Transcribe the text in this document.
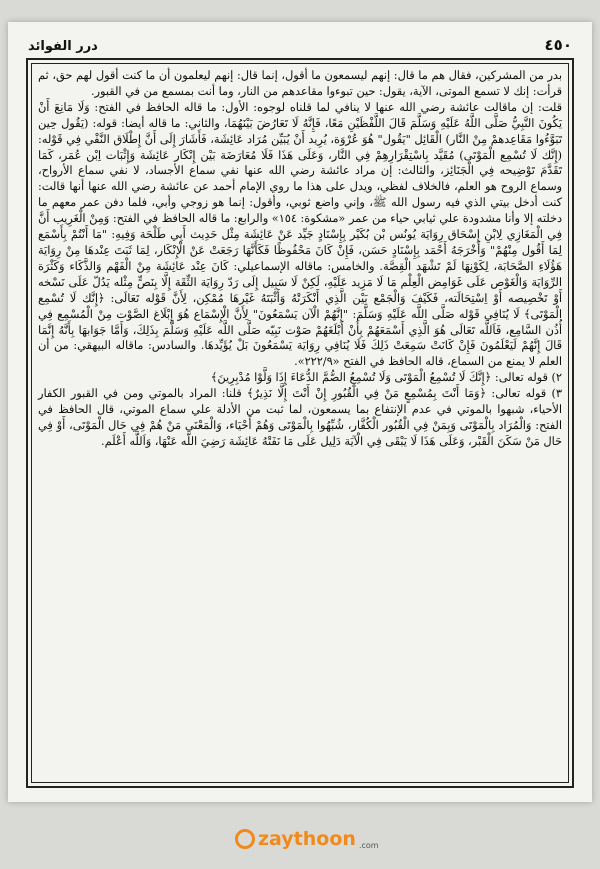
٤٥٠
درر الفوائد

بدر من المشركين، فقال هم ما قال: إنهم ليسمعون ما أقول، إنما قال: إنهم ليعلمون أن ما كنت أقول لهم حق، ثم قرأت: إنك لا تسمع الموتى، الآية، يقول: حين تبوءوا مقاعدهم من النار، وما أنت بمسمع من في القبور.

قلت: إن ماقالت عائشة رضي الله عنها لا ينافي لما قلناه لوجوه: الأول: ما قاله الحافظ في الفتح: وَلَا مَانِعَ أَنْ يَكُونَ النَّبِيُّ صَلَّى اللَّهُ عَلَيْهِ وَسَلَّمَ قَالَ اللَّفْظَيْنِ مَعًا، فَإِنَّهُ لَا تَعَارُضَ بَيْنَهُمَا، والثاني: ما قاله أيضا: قوله: (يَقُول حِين تَبَوَّءُوا مَقَاعِدهمْ مِنْ النَّار) الْقَائِل "يَقُول" هُوَ عُرْوَة، يُرِيد أَنْ يُبَيِّن مُرَاد عَائِشَة، فَأَشَارَ إِلَى أَنَّ إِطْلَاق النَّفْي فِي قَوْله: (إِنَّك لَا تُسْمِع الْمَوْتَى) مُقَيَّد بِاسْتِقْرَارِهِمْ فِي النَّار، وَعَلَى هَذَا فَلَا مُعَارَضَة بَيْن إِنْكَار عَائِشَة وَإِثْبَات اِبْن عُمَر، كَمَا تَقَدَّمَ تَوْضِيحه فِي الْجَنَائِز، والثالث: إن مراد عائشة رضي الله عنها نفي سماع الأجساد، لا نفي سماع الأرواح، وسماع الروح هو العلم، فالخلاف لفظي، ويدل على هذا ما روي الإمام أحمد عن عائشة رضي الله عنها أنها قالت: كنت أدخل بيتي الذي فيه رسول الله ﷺ، وإني واضع ثوبي، وأقول: إنما هو زوجي وأبي، فلما دفن عمر معهم ما دخلته إلا وأنا مشدودة علي ثيابي حياء من عمر «مشكوة: ١٥٤» والرابع: ما قاله الحافظ في الفتح: وَمِنْ الْغَرِيب أَنَّ فِي الْمَغَازِي لِابْنِ إِسْحَاق رِوَايَة يُونُس بْن بُكَيْر بِإِسْنَادٍ جَيِّد عَنْ عَائِشَة مِثْل حَدِيث أَبِي طَلْحَة وَفِيهِ: "مَا أَنْتُمْ بِأَسْمَع لِمَا أَقُول مِنْهُمْ" وَأَخْرَجَهُ أَحْمَد بِإِسْنَادٍ حَسَن، فَإِنْ كَانَ مَحْفُوظًا فَكَأَنَّهَا رَجَعَتْ عَنْ الْإِنْكَار، لِمَا ثَبَتَ عِنْدهَا مِنْ رِوَايَة هَؤُلَاءِ الصَّحَابَة، لِكَوْنِهَا لَمْ تَشْهَد الْقِصَّة. والخامس: ماقاله الإسماعيلي: كَانَ عِنْد عَائِشَة مِنْ الْفَهْم وَالذَّكَاء وَكَثْرَة الرِّوَايَة وَالْغَوْص عَلَى غَوَامِض الْعِلْم مَا لَا مَزِيد عَلَيْهِ، لَكِنْ لَا سَبِيل إِلَى رَدّ رِوَايَة الثِّقَة إِلَّا بِنَصٍّ مِثْله يَدُلّ عَلَى نَسْخه أَوْ تَخْصِيصه أَوْ اِسْتِحَالَته، فَكَيْفَ وَالْجَمْع بَيْن الَّذِي أَنْكَرَتْهُ وَأَثْبَتَهُ غَيْرهَا مُمْكِن، لِأَنَّ قَوْله تَعَالَى: ﴿إِنَّك لَا تُسْمِع الْمَوْتَى﴾ لَا يُنَافِي قَوْله صَلَّى اللَّه عَلَيْهِ وَسَلَّمَ: "إِنَّهُمْ الْآن يَسْمَعُونَ" لِأَنَّ الْإِسْمَاع هُوَ إِبْلَاغ الصَّوْت مِنْ الْمُسْمِع فِي أُذُن السَّامِع، فَاَللَّه تَعَالَى هُوَ الَّذِي أَسْمَعَهُمْ بِأَنْ أَبْلَغَهُمْ صَوْت نَبِيّه صَلَّى اللَّه عَلَيْهِ وَسَلَّمَ بِذَلِكَ، وَأَمَّا جَوَابهَا بِأَنَّهُ إِنَّمَا قَالَ إِنَّهُمْ لَيَعْلَمُونَ فَإِنْ كَانَتْ سَمِعَتْ ذَلِكَ فَلَا يُنَافِي رِوَايَة يَسْمَعُونَ بَلْ يُؤَيِّدهَا. والسادس: ماقاله البيهقي: من أن العلم لا يمنع من السماع، قاله الحافظ في الفتح «٢٢٢/٩».

٢) قوله تعالى: ﴿إِنَّكَ لَا تُسْمِعُ الْمَوْتَى وَلَا تُسْمِعُ الصُّمَّ الدُّعَاءَ إِذَا وَلَّوْا مُدْبِرِينَ﴾

٣) قوله تعالى: ﴿وَمَا أَنْتَ بِمُسْمِعٍ مَنْ فِي الْقُبُورِ إِنْ أَنْتَ إِلَّا نَذِيرٌ﴾ قلنا: المراد بالموتي ومن في القبور الكفار الأحياء، شبهوا بالموتي في عدم الإنتفاع بما يسمعون، لما ثبت من الأدلة علي سماع الموتي، قال الحافظ في الفتح: وَالْمُرَاد بِالْمَوْتَى وَبِمَنْ فِي الْقُبُور الْكُفَّار، شُبِّهُوا بِالْمَوْتَى وَهُمْ أَحْيَاء، وَالْمَعْنَى مَنْ هُمْ فِي حَال الْمَوْتَى، أَوْ فِي حَال مَنْ سَكَنَ الْقَبْر، وَعَلَى هَذَا لَا يَبْقَى فِي الْآيَة دَلِيل عَلَى مَا نَفَتْهُ عَائِشَة رَضِيَ اللَّه عَنْهَا، وَاَللَّه أَعْلَم.

zaythoon .com
